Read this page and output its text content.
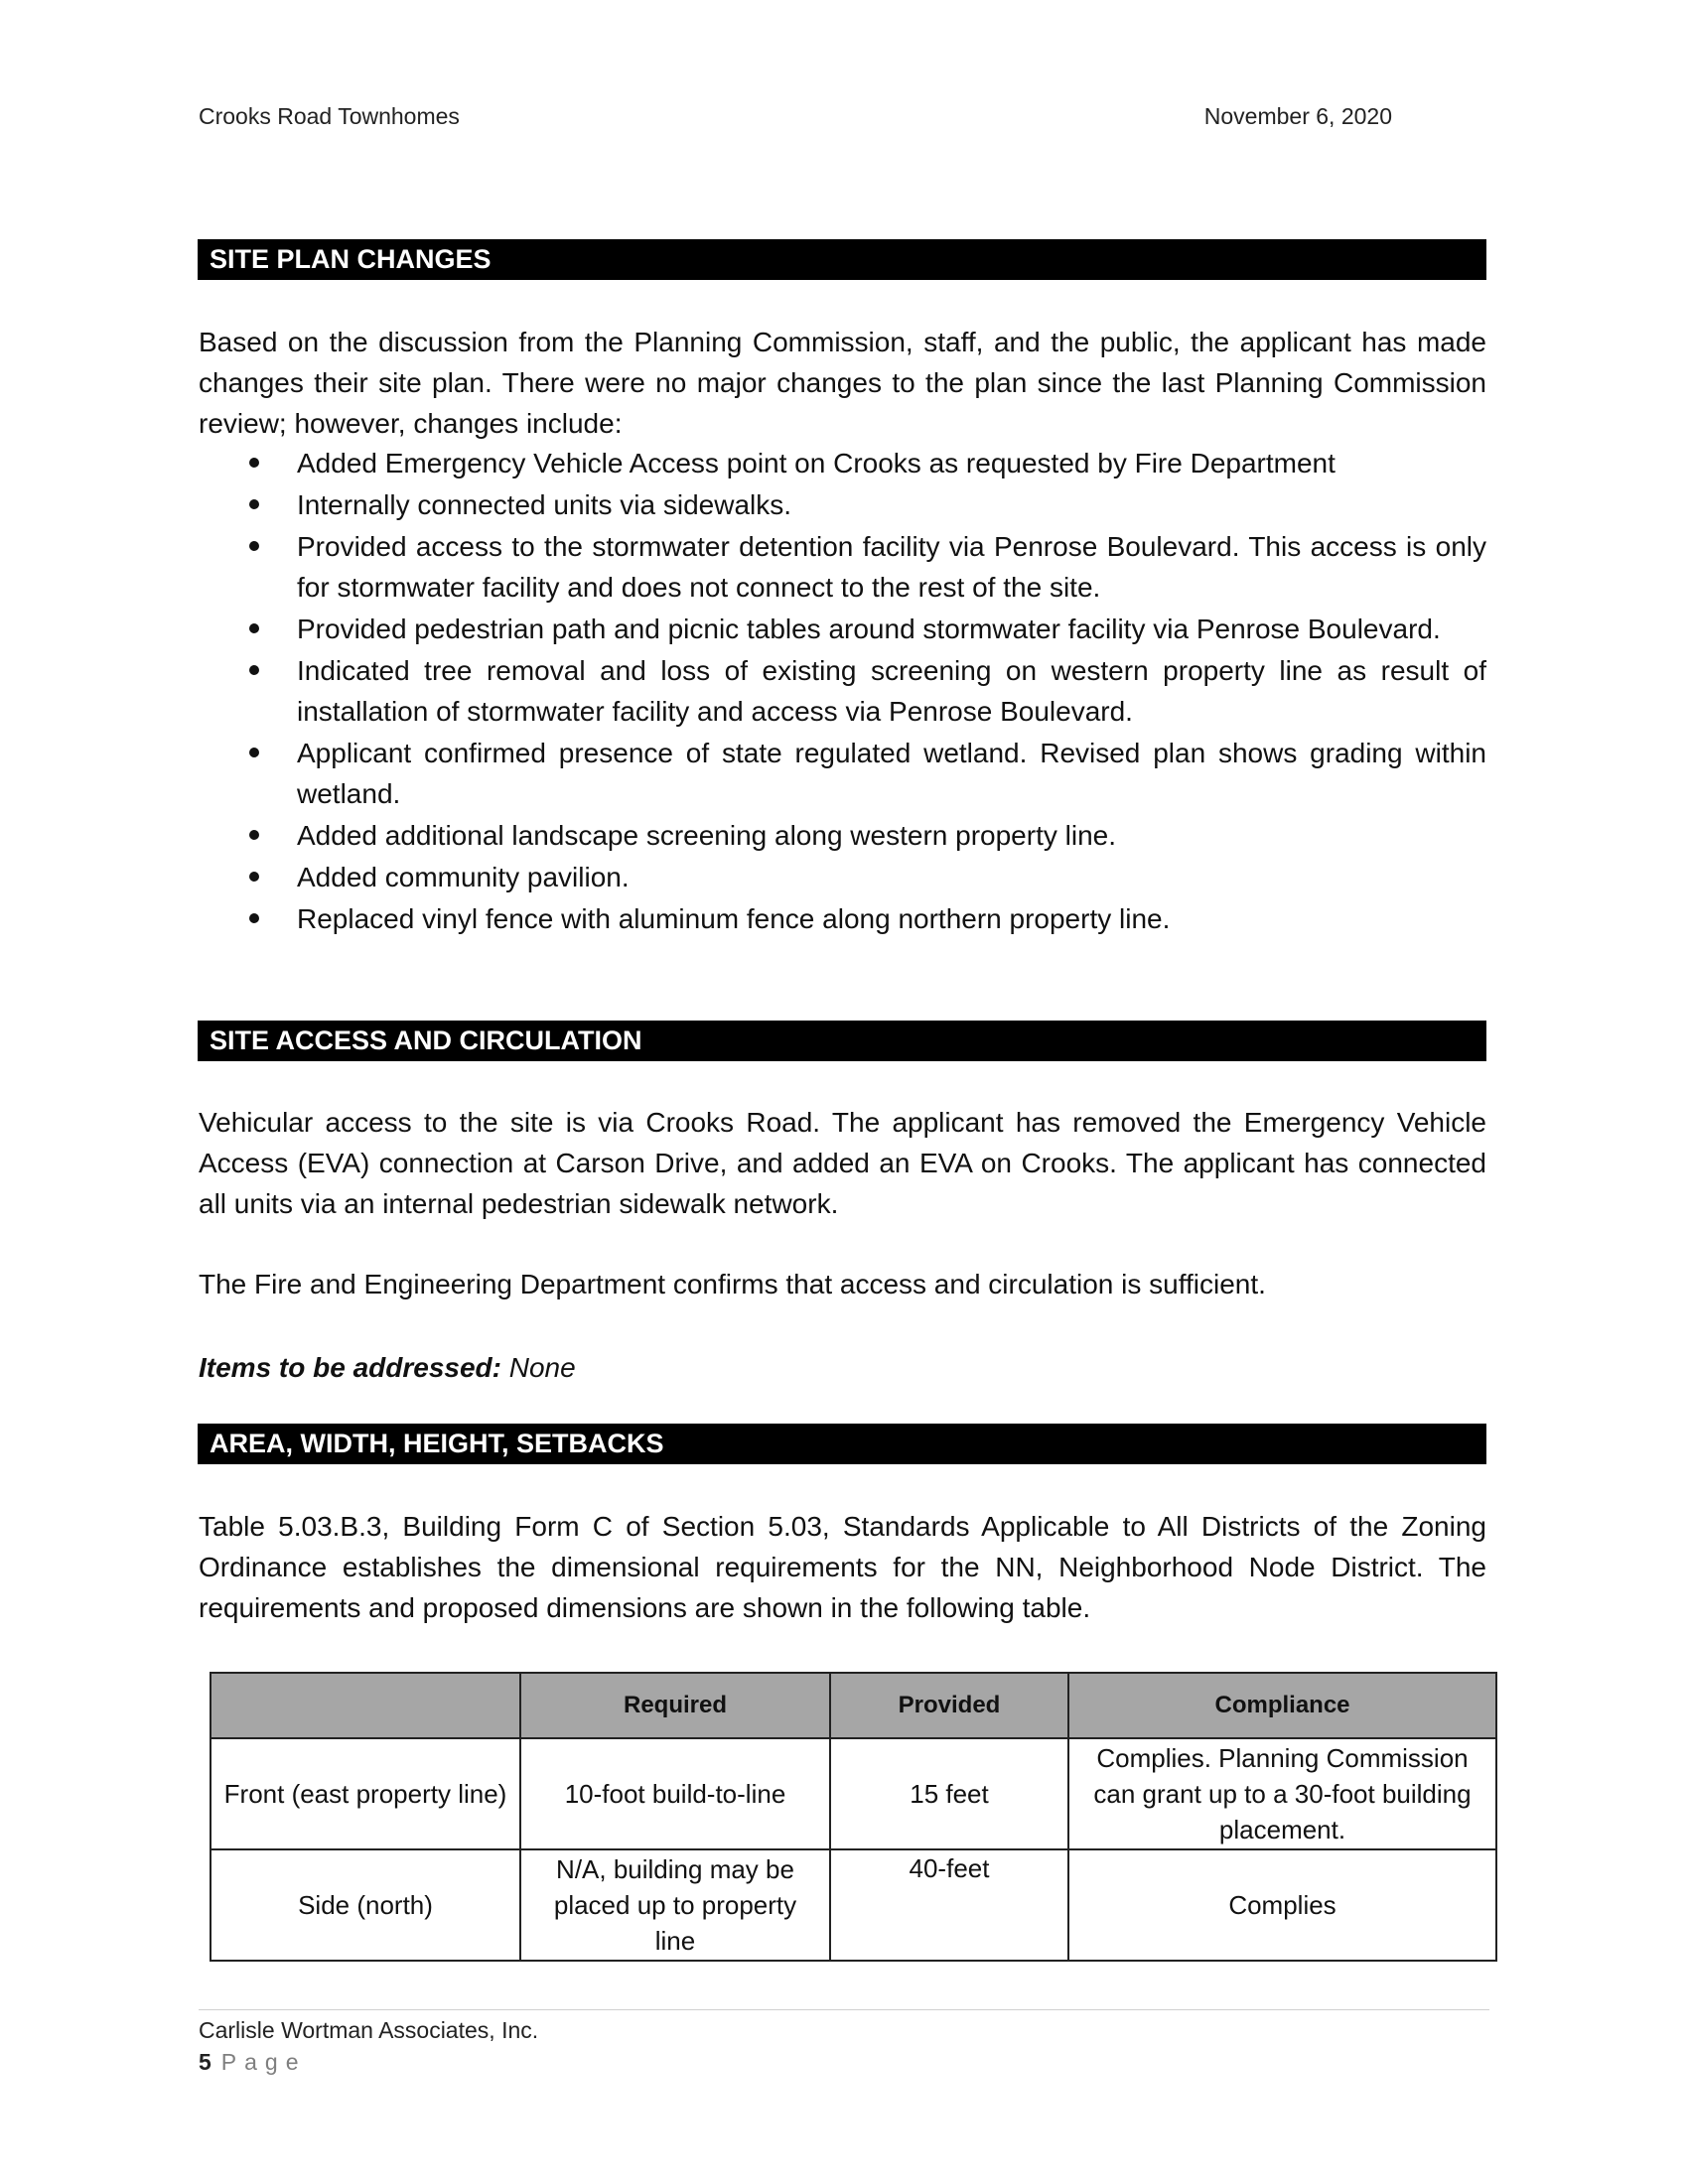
Crooks Road Townhomes	November 6, 2020
SITE PLAN CHANGES

Based on the discussion from the Planning Commission, staff, and the public, the applicant has made changes their site plan. There were no major changes to the plan since the last Planning Commission review; however, changes include:

Added Emergency Vehicle Access point on Crooks as requested by Fire Department
Internally connected units via sidewalks.
Provided access to the stormwater detention facility via Penrose Boulevard. This access is only for stormwater facility and does not connect to the rest of the site.
Provided pedestrian path and picnic tables around stormwater facility via Penrose Boulevard.
Indicated tree removal and loss of existing screening on western property line as result of installation of stormwater facility and access via Penrose Boulevard.
Applicant confirmed presence of state regulated wetland. Revised plan shows grading within wetland.
Added additional landscape screening along western property line.
Added community pavilion.
Replaced vinyl fence with aluminum fence along northern property line.
SITE ACCESS AND CIRCULATION

Vehicular access to the site is via Crooks Road. The applicant has removed the Emergency Vehicle Access (EVA) connection at Carson Drive, and added an EVA on Crooks. The applicant has connected all units via an internal pedestrian sidewalk network.

The Fire and Engineering Department confirms that access and circulation is sufficient.

Items to be addressed: None
AREA, WIDTH, HEIGHT, SETBACKS

Table 5.03.B.3, Building Form C of Section 5.03, Standards Applicable to All Districts of the Zoning Ordinance establishes the dimensional requirements for the NN, Neighborhood Node District. The requirements and proposed dimensions are shown in the following table.

	Required	Provided	Compliance
Front (east property line)	10-foot build-to-line	15 feet	Complies. Planning Commission can grant up to a 30-foot building placement.
Side (north)	N/A, building may be placed up to property line	40-feet	Complies
Carlisle Wortman Associates, Inc.
5 Page
